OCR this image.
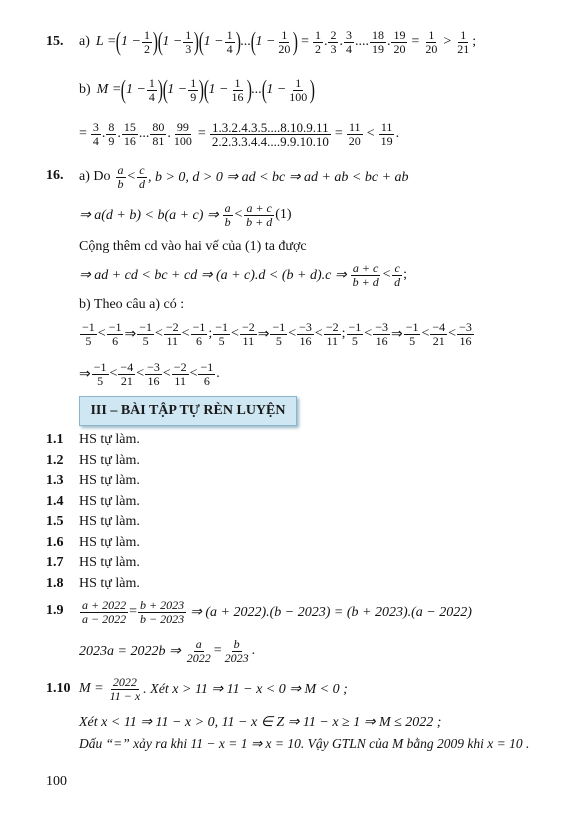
15. a) L = ( $1 - \frac{1}{2}$ ) ( $1 - \frac{1}{3}$ ) ( $1 - \frac{1}{4}$ ) ... ( $1 - \frac{1}{20}$ ) = $\frac{1}{2}$ . $\frac{2}{3}$ . $\frac{3}{4}$ .... $\frac{18}{19}$ . $\frac{19}{20} = \frac{1}{20} > \frac{1}{21}$ ;
b) M = ( $1 - \frac{1}{4}$ ) ( $1 - \frac{1}{9}$ ) ( $1 - \frac{1}{16}$ ) ... ( $1 - \frac{1}{100}$ )
= $\frac{3}{4}$ . $\frac{8}{9}$ . $\frac{15}{16}$ ... $\frac{80}{81}$ . $\frac{99}{100} = \frac{1.3.2.4.3.5....8.10.9.11}{2.2.3.3.4.4....9.9.10.10} = \frac{11}{20} < \frac{11}{19}$ .
16. a) Do $\frac{a}{b} < \frac{c}{d}$ , b > 0, d > 0 ⇒ ad < bc ⇒ ad + ab < bc + ab
⇒ a(d + b) < b(a + c) ⇒ $\frac{a}{b} < \frac{a + c}{b + d} (1)$
Cộng thêm cd vào hai vế của (1) ta được
⇒ ad + cd < bc + cd ⇒ (a + c).d < (b + d).c ⇒ $\frac{a + c}{b + d} < \frac{c}{d}$ ;
b) Theo câu a) có :
$\frac{-1}{5} < \frac{-1}{6}$ ⇒ $\frac{-1}{5} < \frac{-2}{11} < \frac{-1}{6}$ ; $\frac{-1}{5} < \frac{-2}{11}$ ⇒ $\frac{-1}{5} < \frac{-3}{16} < \frac{-2}{11}$ ; $\frac{-1}{5} < \frac{-3}{16}$ ⇒ $\frac{-1}{5} < \frac{-4}{21} < \frac{-3}{16}$
⇒ $\frac{-1}{5} < \frac{-4}{21} < \frac{-3}{16} < \frac{-2}{11} < \frac{-1}{6}$ .
III – BÀI TẬP TỰ RÈN LUYỆN
1.1 HS tự làm.
1.2 HS tự làm.
1.3 HS tự làm.
1.4 HS tự làm.
1.5 HS tự làm.
1.6 HS tự làm.
1.7 HS tự làm.
1.8 HS tự làm.
$1.9 \frac{a + 2022}{a - 2022} = \frac{b + 2023}{b - 2023}$ ⇒ (a + 2022).(b − 2023) = (b + 2023).(a − 2022)
2023a = 2022b ⇒ $\frac{a}{2022} = \frac{b}{2023}$ .
1.10 $M = \frac{2022}{11 - x}$ . Xét x > 11 ⇒ 11 − x < 0 ⇒ M < 0 ;
Xét x < 11 ⇒ 11 − x > 0, 11 − x ∈ Z ⇒ 11 − x ≥ 1 ⇒ M ≤ 2022 ;
Dấu “=” xảy ra khi 11 − x = 1 ⇒ x = 10. Vậy GTLN của M bằng 2009 khi x = 10 .
100
